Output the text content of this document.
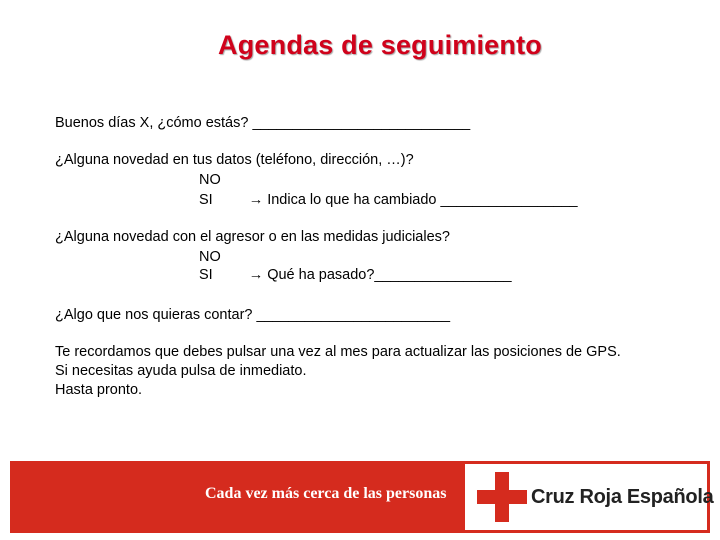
Agendas de seguimiento
Buenos días X, ¿cómo estás? ___________________________
¿Alguna novedad en tus datos (teléfono, dirección, …)?
NO
SI → Indica lo que ha cambiado _________________
¿Alguna novedad con el agresor o en las medidas judiciales?
NO
SI → Qué ha pasado?_________________
¿Algo que nos quieras contar? ________________________
Te recordamos que debes pulsar una vez al mes para actualizar las posiciones de GPS.
Si necesitas ayuda pulsa de inmediato.
Hasta pronto.
Cada vez más cerca de las personas	Cruz Roja Española
